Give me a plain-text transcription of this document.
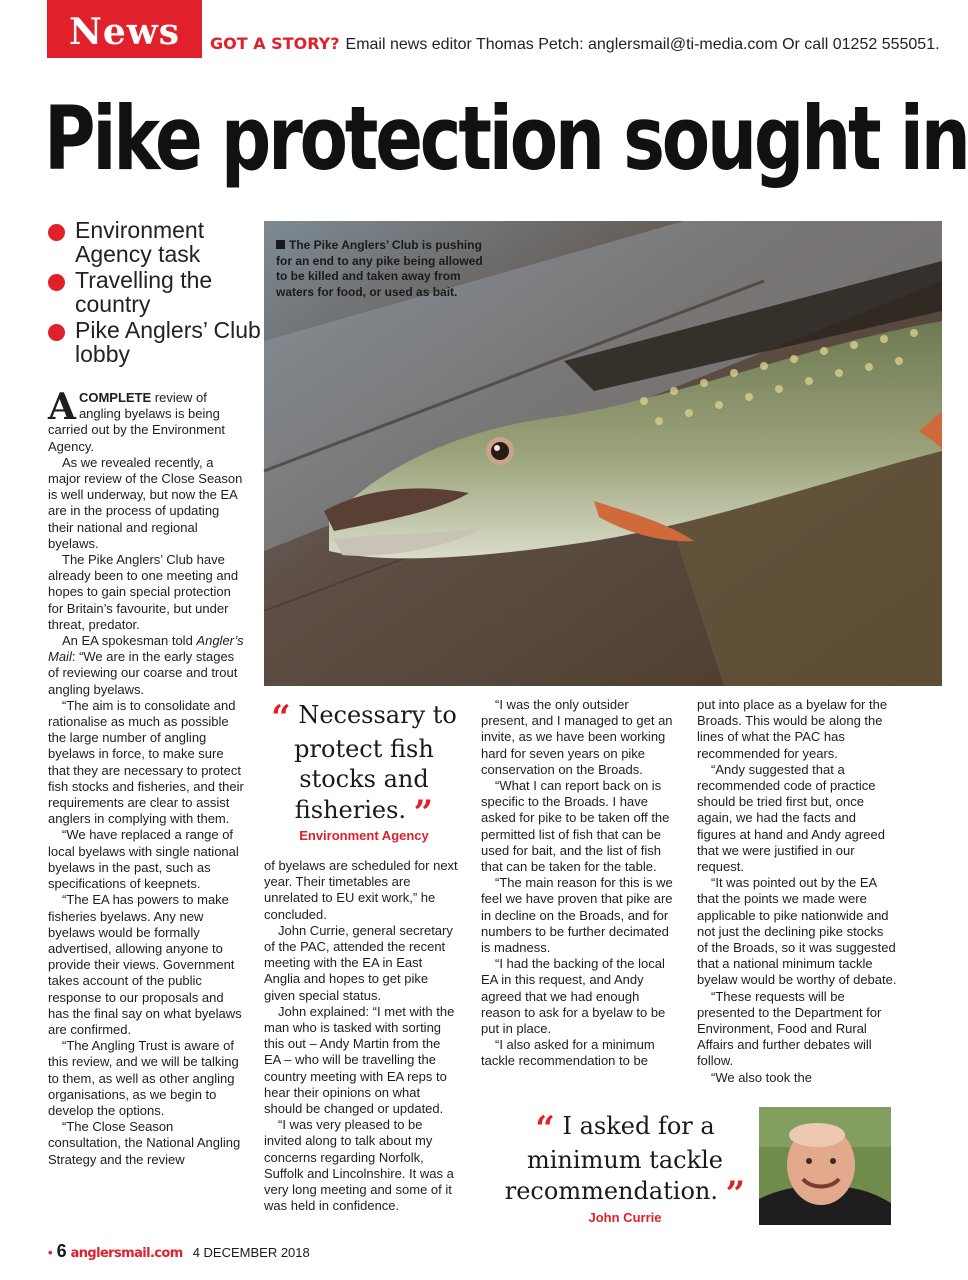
News	GOT A STORY? Email news editor Thomas Petch: anglersmail@ti-media.com Or call 01252 555051.
Pike protection sought in
Environment Agency task
Travelling the country
Pike Anglers’ Club lobby

ACOMPLETE review of angling byelaws is being carried out by the Environment Agency.

As we revealed recently, a major review of the Close Season is well underway, but now the EA are in the process of updating their national and regional byelaws.

The Pike Anglers’ Club have already been to one meeting and hopes to gain special protection for Britain’s favourite, but under threat, predator.

An EA spokesman told Angler’s Mail: “We are in the early stages of reviewing our coarse and trout angling byelaws.

“The aim is to consolidate and rationalise as much as possible the large number of angling byelaws in force, to make sure that they are necessary to protect fish stocks and fisheries, and their requirements are clear to assist anglers in complying with them.

“We have replaced a range of local byelaws with single national byelaws in the past, such as specifications of keepnets.

“The EA has powers to make fisheries byelaws. Any new byelaws would be formally advertised, allowing anyone to provide their views. Government takes account of the public response to our proposals and has the final say on what byelaws are confirmed.

“The Angling Trust is aware of this review, and we will be talking to them, as well as other angling organisations, as we begin to develop the options.

“The Close Season consultation, the National Angling Strategy and the review

The Pike Anglers’ Club is pushing for an end to any pike being allowed to be killed and taken away from waters for food, or used as bait.
“ Necessary to protect fish stocks and fisheries. ”
Environment Agency

of byelaws are scheduled for next year. Their timetables are unrelated to EU exit work,” he concluded.

John Currie, general secretary of the PAC, attended the recent meeting with the EA in East Anglia and hopes to get pike given special status.

John explained: “I met with the man who is tasked with sorting this out – Andy Martin from the EA – who will be travelling the country meeting with EA reps to hear their opinions on what should be changed or updated.

“I was very pleased to be invited along to talk about my concerns regarding Norfolk, Suffolk and Lincolnshire. It was a very long meeting and some of it was held in confidence.

“I was the only outsider present, and I managed to get an invite, as we have been working hard for seven years on pike conservation on the Broads.

“What I can report back on is specific to the Broads. I have asked for pike to be taken off the permitted list of fish that can be used for bait, and the list of fish that can be taken for the table.

“The main reason for this is we feel we have proven that pike are in decline on the Broads, and for numbers to be further decimated is madness.

“I had the backing of the local EA in this request, and Andy agreed that we had enough reason to ask for a byelaw to be put in place.

“I also asked for a minimum tackle recommendation to be

put into place as a byelaw for the Broads. This would be along the lines of what the PAC has recommended for years.

“Andy suggested that a recommended code of practice should be tried first but, once again, we had the facts and figures at hand and Andy agreed that we were justified in our request.

“It was pointed out by the EA that the points we made were applicable to pike nationwide and not just the declining pike stocks of the Broads, so it was suggested that a national minimum tackle byelaw would be worthy of debate.

“These requests will be presented to the Department for Environment, Food and Rural Affairs and further debates will follow.

“We also took the

“ I asked for a minimum tackle recommendation. ”
John Currie
• 6 anglersmail.com 4 DECEMBER 2018
